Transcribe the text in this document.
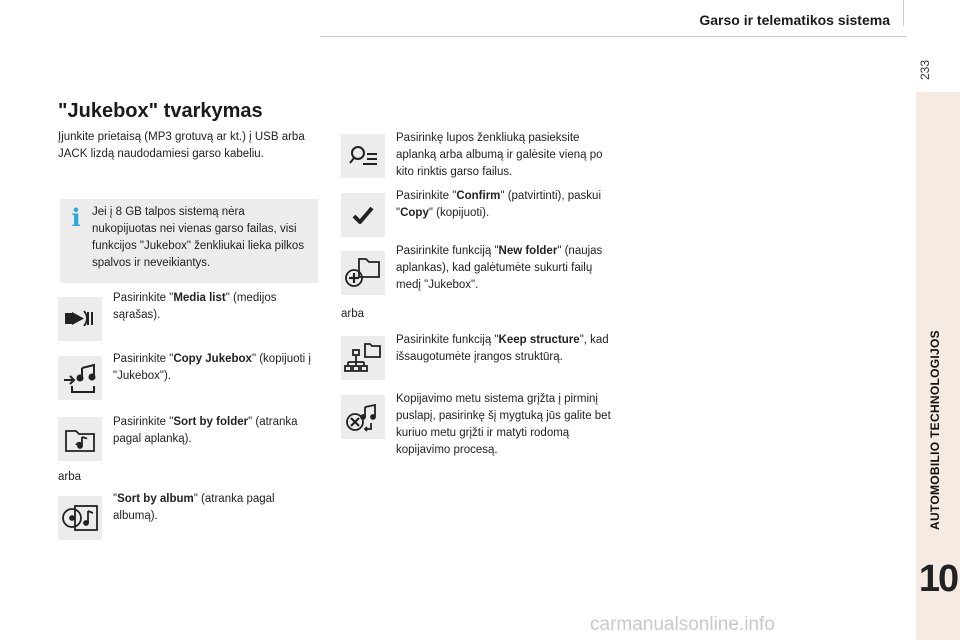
Garso ir telematikos sistema
233
AUTOMOBILIO TECHNOLOGIJOS
10
"Jukebox" tvarkymas
Įjunkite prietaisą (MP3 grotuvą ar kt.) į USB arba JACK lizdą naudodamiesi garso kabeliu.
i Jei į 8 GB talpos sistemą nėra nukopijuotas nei vienas garso failas, visi funkcijos "Jukebox" ženkliukai lieka pilkos spalvos ir neveikiantys.
Pasirinkite "Media list" (medijos sąrašas).
Pasirinkite "Copy Jukebox" (kopijuoti į "Jukebox").
Pasirinkite "Sort by folder" (atranka pagal aplanką).
arba
"Sort by album" (atranka pagal albumą).
Pasirinkę lupos ženkliuką pasieksite aplanką arba albumą ir galėsite vieną po kito rinktis garso failus.
Pasirinkite "Confirm" (patvirtinti), paskui "Copy" (kopijuoti).
Pasirinkite funkciją "New folder" (naujas aplankas), kad galėtumėte sukurti failų medį "Jukebox".
arba
Pasirinkite funkciją "Keep structure", kad išsaugotumėte įrangos struktūrą.
Kopijavimo metu sistema grįžta į pirminį puslapį, pasirinkę šį mygtuką jūs galite bet kuriuo metu grįžti ir matyti rodomą kopijavimo procesą.
carmanualsonline.info
